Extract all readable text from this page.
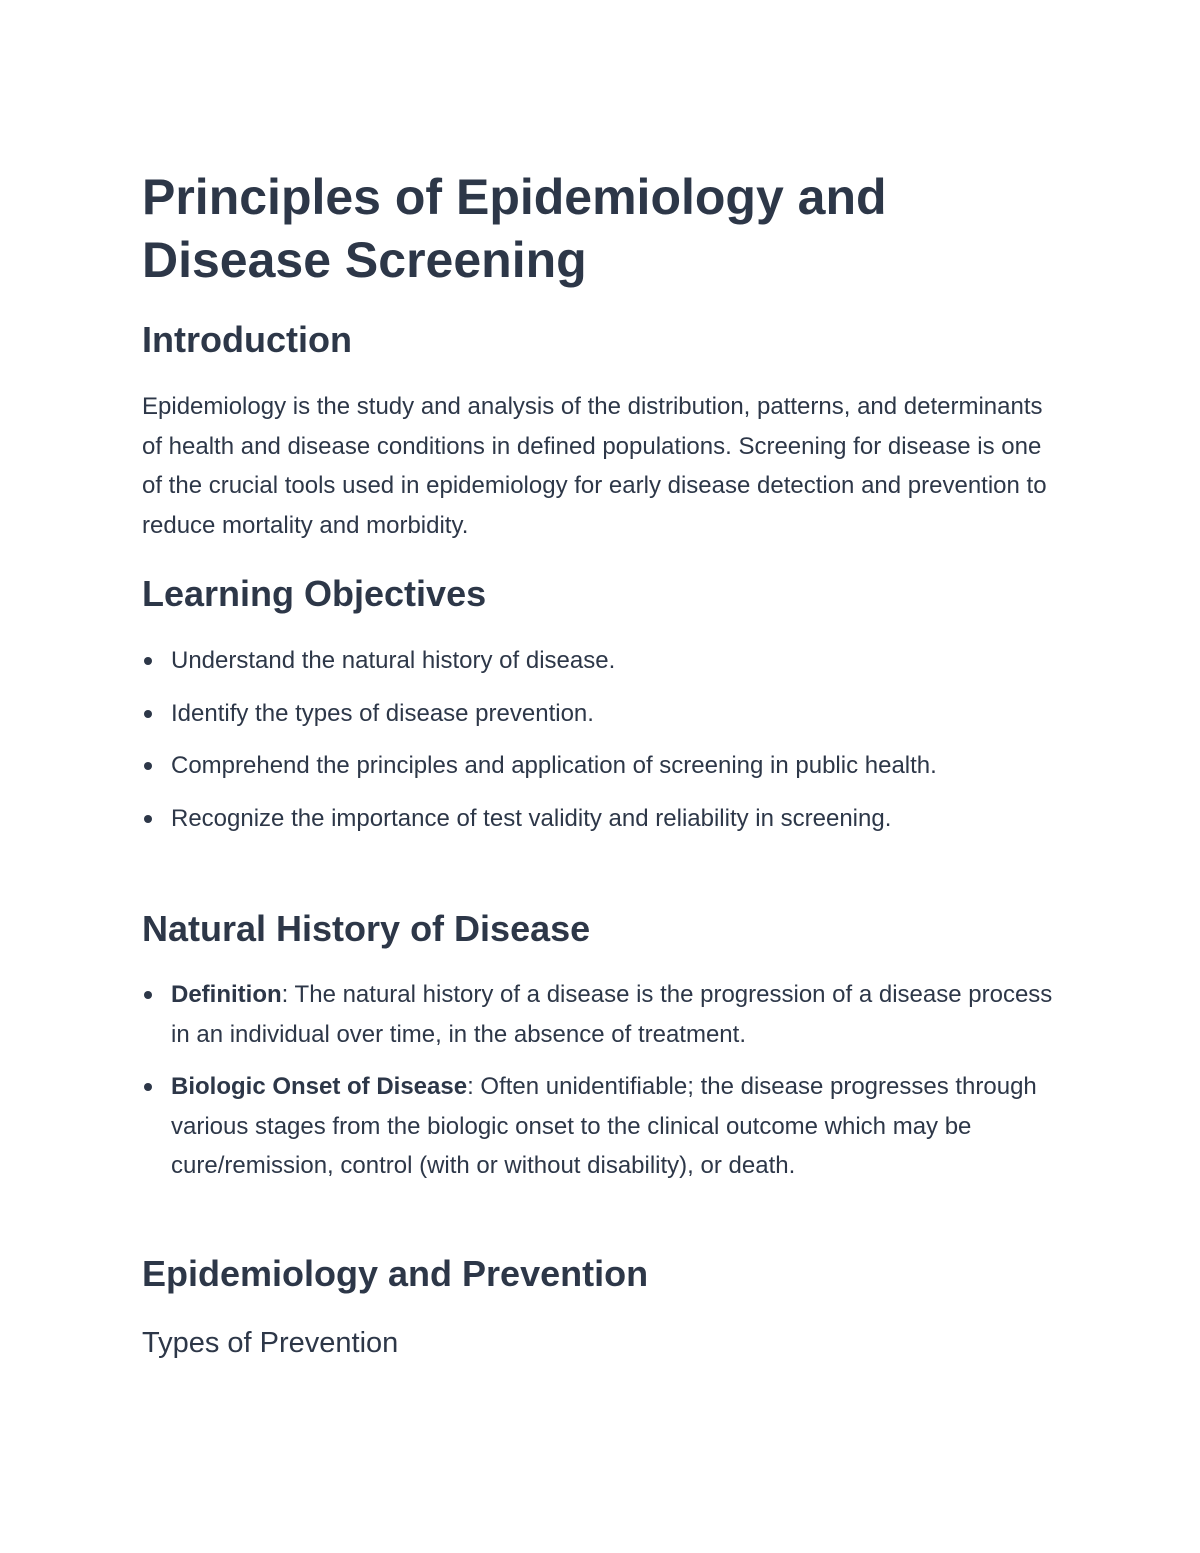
Principles of Epidemiology and Disease Screening
Introduction

Epidemiology is the study and analysis of the distribution, patterns, and determinants of health and disease conditions in defined populations. Screening for disease is one of the crucial tools used in epidemiology for early disease detection and prevention to reduce mortality and morbidity.

Learning Objectives
Understand the natural history of disease.
Identify the types of disease prevention.
Comprehend the principles and application of screening in public health.
Recognize the importance of test validity and reliability in screening.
Natural History of Disease
Definition: The natural history of a disease is the progression of a disease process in an individual over time, in the absence of treatment.
Biologic Onset of Disease: Often unidentifiable; the disease progresses through various stages from the biologic onset to the clinical outcome which may be cure/remission, control (with or without disability), or death.
Epidemiology and Prevention
Types of Prevention
